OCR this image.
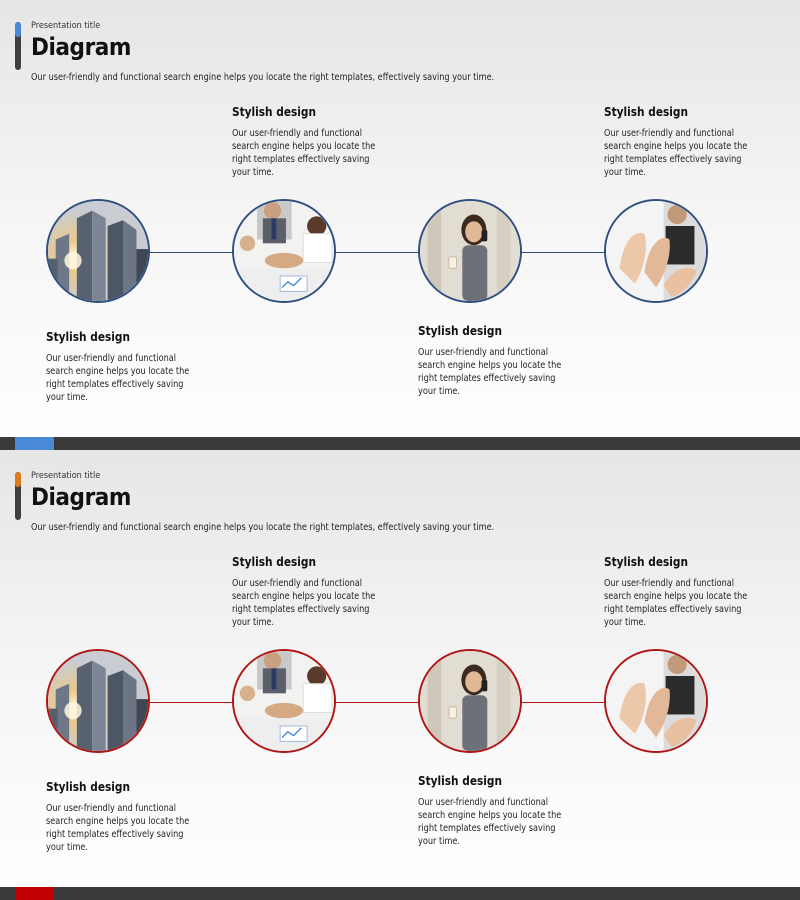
Presentation title
Diagram
Our user-friendly and functional search engine helps you locate the right templates, effectively saving your time.
Stylish design
Our user-friendly and functional search engine helps you locate the right templates effectively saving your time.
Stylish design
Our user-friendly and functional search engine helps you locate the right templates effectively saving your time.
Stylish design
Our user-friendly and functional search engine helps you locate the right templates effectively saving your time.
Stylish design
Our user-friendly and functional search engine helps you locate the right templates effectively saving your time.
Presentation title
Diagram
Our user-friendly and functional search engine helps you locate the right templates, effectively saving your time.
Stylish design
Our user-friendly and functional search engine helps you locate the right templates effectively saving your time.
Stylish design
Our user-friendly and functional search engine helps you locate the right templates effectively saving your time.
Stylish design
Our user-friendly and functional search engine helps you locate the right templates effectively saving your time.
Stylish design
Our user-friendly and functional search engine helps you locate the right templates effectively saving your time.
